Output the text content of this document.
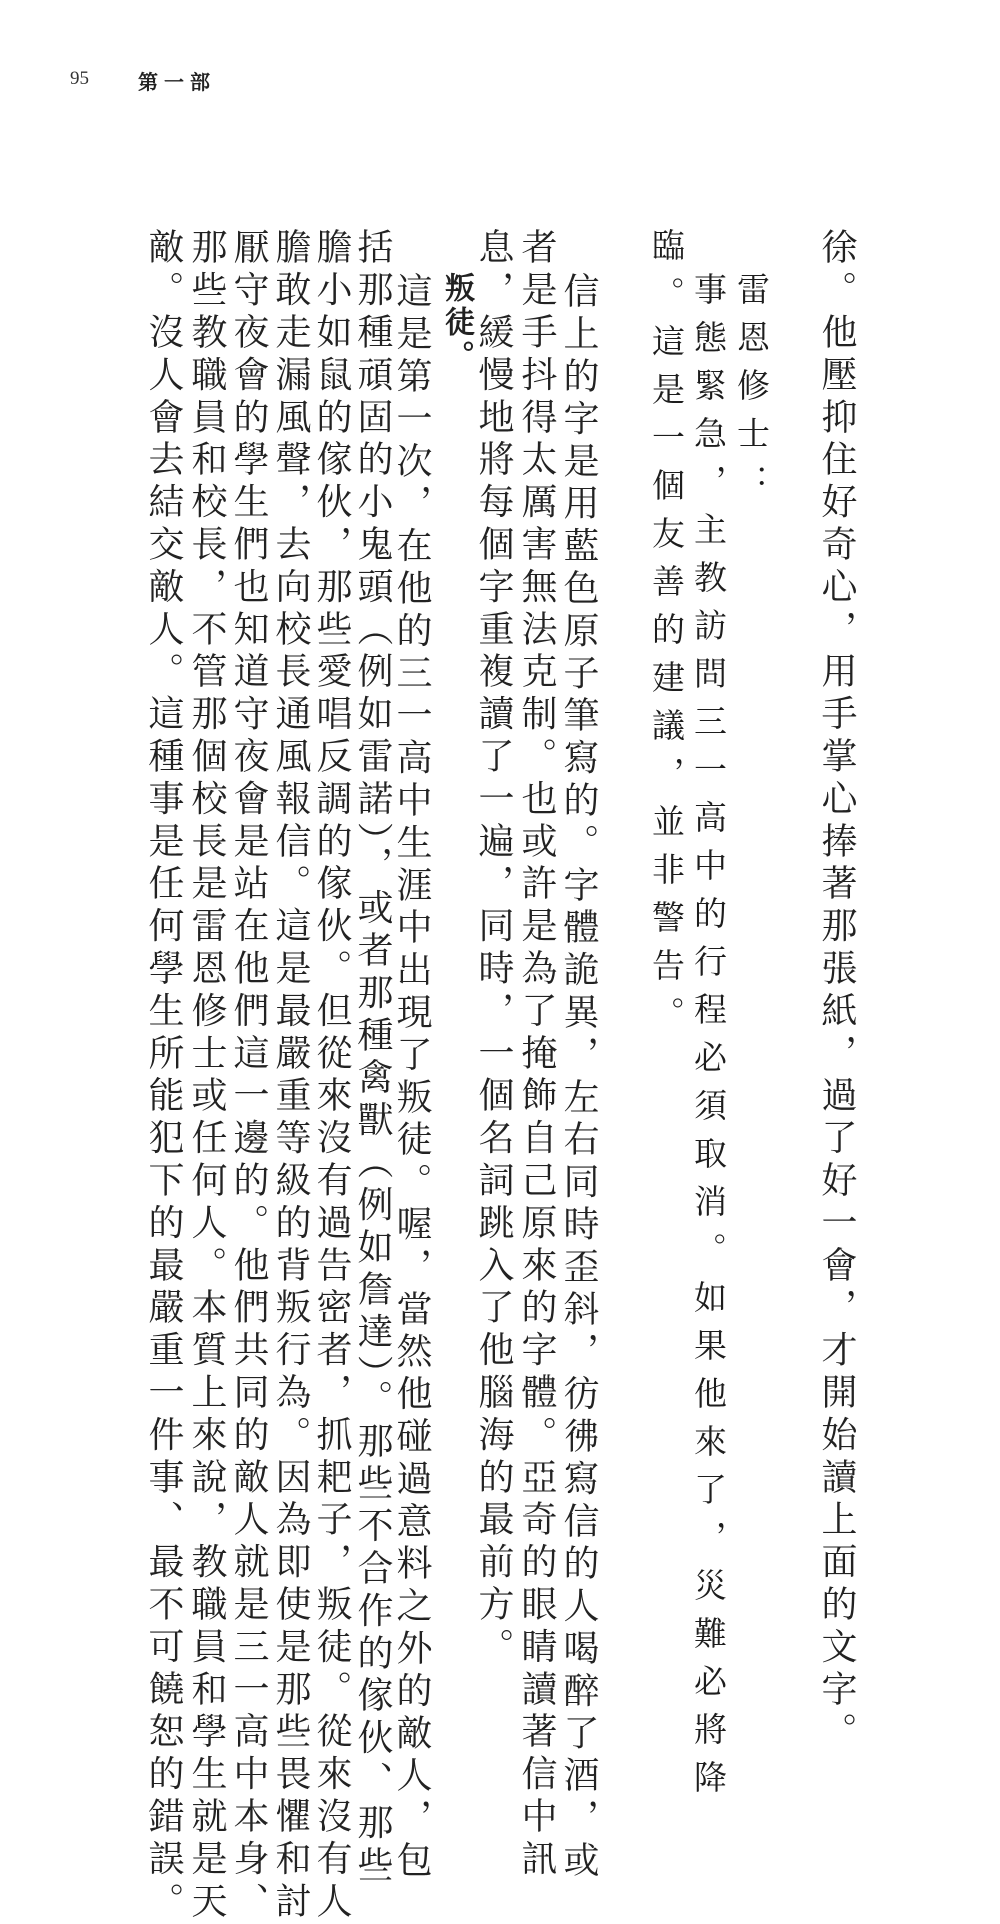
95 第一部
徐。他壓抑住好奇心，用手掌心捧著那張紙，過了好一會，才開始讀上面的文字。
雷恩修士：
事態緊急，主教訪問三一高中的行程必須取消。如果他來了，災難必將降
臨。這是一個友善的建議，並非警告。
信上的字是用藍色原子筆寫的。字體詭異，左右同時歪斜，彷彿寫信的人喝醉了酒，或
者是手抖得太厲害無法克制。也或許是為了掩飾自己原來的字體。亞奇的眼睛讀著信中訊
息，緩慢地將每個字重複讀了一遍，同時，一個名詞跳入了他腦海的最前方。
叛徒。
這是第一次，在他的三一高中生涯中出現了叛徒。喔，當然他碰過意料之外的敵人，包
括那種頑固的小鬼頭（例如雷諾），或者那種禽獸（例如詹達）。那些不合作的傢伙、那些
膽小如鼠的傢伙，那些愛唱反調的傢伙。但從來沒有過告密者，抓耙子，叛徒。從來沒有人
膽敢走漏風聲，去向校長通風報信。這是最嚴重等級的背叛行為。因為即使是那些畏懼和討
厭守夜會的學生們也知道守夜會是站在他們這一邊的。他們共同的敵人就是三一高中本身、
那些教職員和校長，不管那個校長是雷恩修士或任何人。本質上來說，教職員和學生就是天
敵。沒人會去結交敵人。這種事是任何學生所能犯下的最嚴重一件事、最不可饒恕的錯誤。
